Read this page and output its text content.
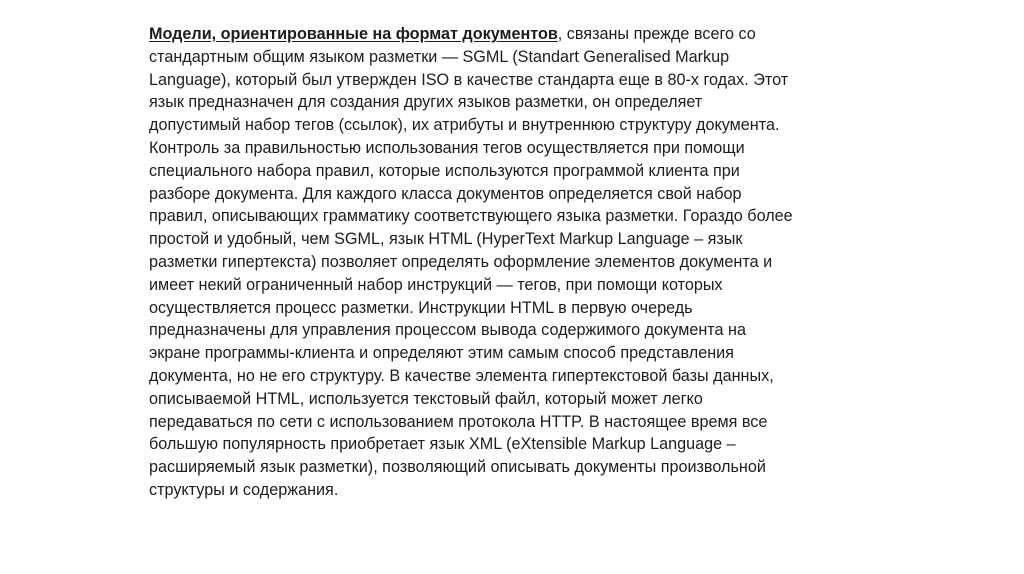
Модели, ориентированные на формат документов, связаны прежде всего со
стандартным общим языком разметки — SGML (Standart Generalised Markup
Language), который был утвержден ISO в качестве стандарта еще в 80-х годах. Этот
язык предназначен для создания других языков разметки, он определяет
допустимый набор тегов (ссылок), их атрибуты и внутреннюю структуру документа.
Контроль за правильностью использования тегов осуществляется при помощи
специального набора правил, которые используются программой клиента при
разборе документа. Для каждого класса документов определяется свой набор
правил, описывающих грамматику соответствующего языка разметки. Гораздо более
простой и удобный, чем SGML, язык HTML (HyperText Markup Language – язык
разметки гипертекста) позволяет определять оформление элементов документа и
имеет некий ограниченный набор инструкций — тегов, при помощи которых
осуществляется процесс разметки. Инструкции HTML в первую очередь
предназначены для управления процессом вывода содержимого документа на
экране программы-клиента и определяют этим самым способ представления
документа, но не его структуру. В качестве элемента гипертекстовой базы данных,
описываемой HTML, используется текстовый файл, который может легко
передаваться по сети с использованием протокола HTTP. В настоящее время все
большую популярность приобретает язык XML (eXtensible Markup Language –
расширяемый язык разметки), позволяющий описывать документы произвольной
структуры и содержания.
